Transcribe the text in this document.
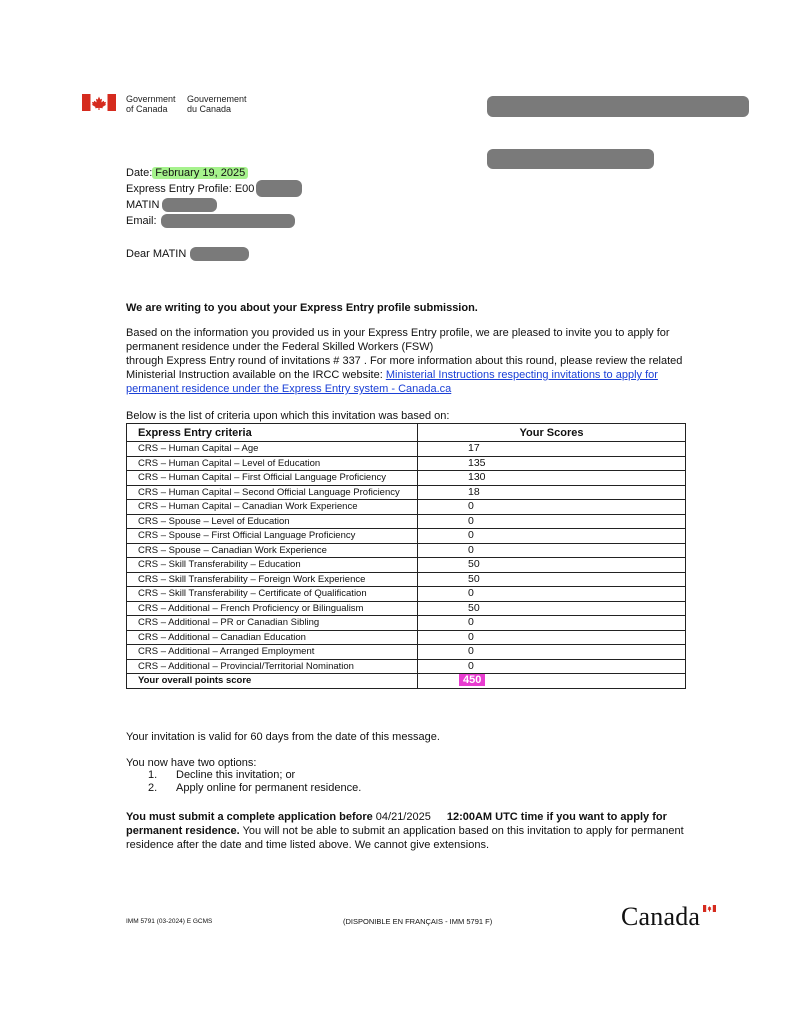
Government
of Canada
Gouvernement
du Canada
Date: February 19, 2025
Express Entry Profile: E00
MATIN
Email:
Dear MATIN
We are writing to you about your Express Entry profile submission.
Based on the information you provided us in your Express Entry profile, we are pleased to invite you to apply for
permanent residence under the Federal Skilled Workers (FSW)
through Express Entry round of invitations # 337 . For more information about this round, please review the related
Ministerial Instruction available on the IRCC website: Ministerial Instructions respecting invitations to apply for
permanent residence under the Express Entry system - Canada.ca
Below is the list of criteria upon which this invitation was based on:
Express Entry criteria	Your Scores
CRS – Human Capital – Age	17
CRS – Human Capital – Level of Education	135
CRS – Human Capital – First Official Language Proficiency	130
CRS – Human Capital – Second Official Language Proficiency	18
CRS – Human Capital – Canadian Work Experience	0
CRS – Spouse – Level of Education	0
CRS – Spouse – First Official Language Proficiency	0
CRS – Spouse – Canadian Work Experience	0
CRS – Skill Transferability – Education	50
CRS – Skill Transferability – Foreign Work Experience	50
CRS – Skill Transferability – Certificate of Qualification	0
CRS – Additional – French Proficiency or Bilingualism	50
CRS – Additional – PR or Canadian Sibling	0
CRS – Additional – Canadian Education	0
CRS – Additional – Arranged Employment	0
CRS – Additional – Provincial/Territorial Nomination	0
Your overall points score	450
Your invitation is valid for 60 days from the date of this message.
You now have two options:
1. Decline this invitation; or
2. Apply online for permanent residence.
You must submit a complete application before 04/21/2025 12:00AM UTC time if you want to apply for
permanent residence. You will not be able to submit an application based on this invitation to apply for permanent
residence after the date and time listed above. We cannot give extensions.
IMM 5791 (03-2024) E GCMS	(DISPONIBLE EN FRANÇAIS - IMM 5791 F)	Canada
